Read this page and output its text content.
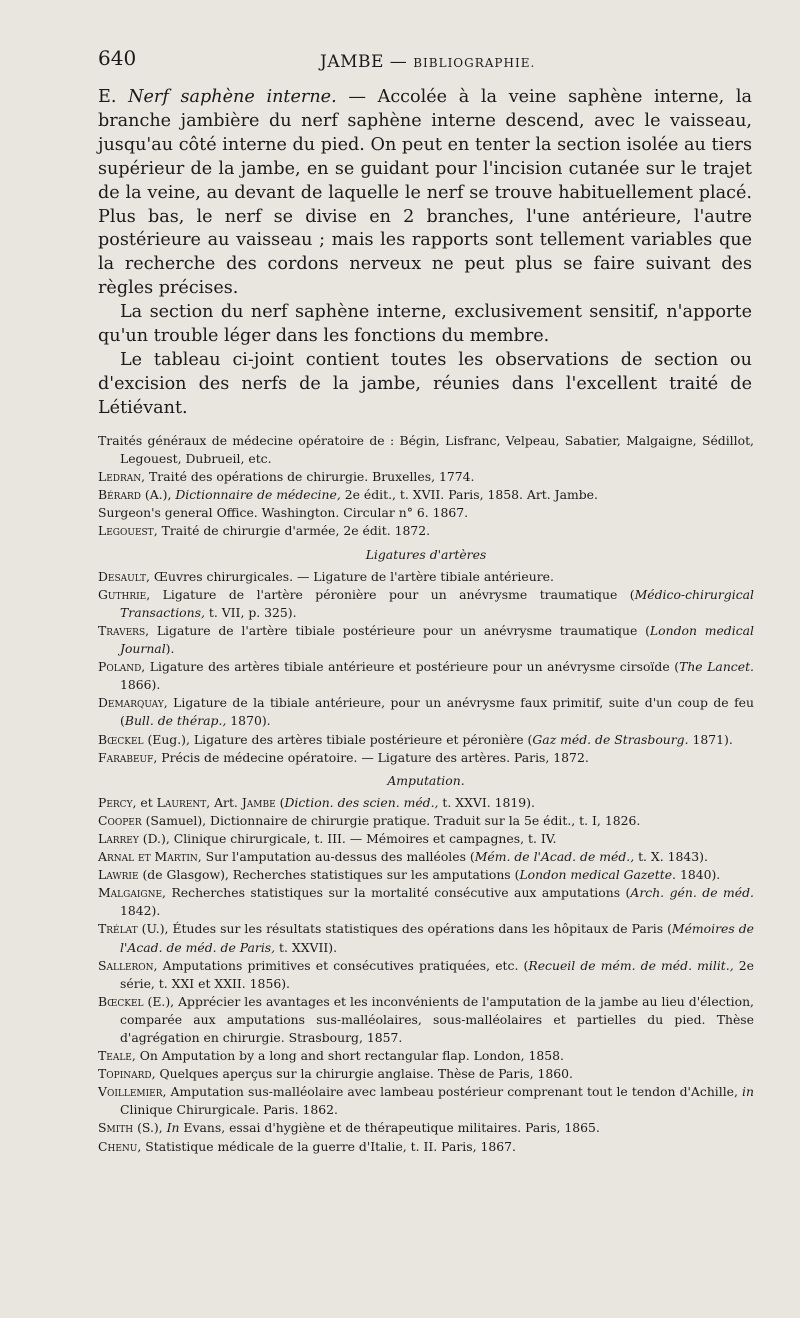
640	JAMBE — BIBLIOGRAPHIE.

E. Nerf saphène interne. — Accolée à la veine saphène interne, la branche jambière du nerf saphène interne descend, avec le vaisseau, jusqu'au côté interne du pied. On peut en tenter la section isolée au tiers supérieur de la jambe, en se guidant pour l'incision cutanée sur le trajet de la veine, au devant de laquelle le nerf se trouve habituellement placé. Plus bas, le nerf se divise en 2 branches, l'une antérieure, l'autre postérieure au vaisseau ; mais les rapports sont tellement variables que la recherche des cordons nerveux ne peut plus se faire suivant des règles précises.

La section du nerf saphène interne, exclusivement sensitif, n'apporte qu'un trouble léger dans les fonctions du membre.

Le tableau ci-joint contient toutes les observations de section ou d'excision des nerfs de la jambe, réunies dans l'excellent traité de Létiévant.

Traités généraux de médecine opératoire de : Bégin, Lisfranc, Velpeau, Sabatier, Malgaigne, Sédillot, Legouest, Dubrueil, etc.

Ledran, Traité des opérations de chirurgie. Bruxelles, 1774.

Bérard (A.), Dictionnaire de médecine, 2e édit., t. XVII. Paris, 1858. Art. Jambe.

Surgeon's general Office. Washington. Circular n° 6. 1867.

Legouest, Traité de chirurgie d'armée, 2e édit. 1872.

Ligatures d'artères

Desault, Œuvres chirurgicales. — Ligature de l'artère tibiale antérieure.

Guthrie, Ligature de l'artère péronière pour un anévrysme traumatique (Médico-chirurgical Transactions, t. VII, p. 325).

Travers, Ligature de l'artère tibiale postérieure pour un anévrysme traumatique (London medical Journal).

Poland, Ligature des artères tibiale antérieure et postérieure pour un anévrysme cirsoïde (The Lancet. 1866).

Demarquay, Ligature de la tibiale antérieure, pour un anévrysme faux primitif, suite d'un coup de feu (Bull. de thérap., 1870).

Bœckel (Eug.), Ligature des artères tibiale postérieure et péronière (Gaz méd. de Strasbourg. 1871).

Farabeuf, Précis de médecine opératoire. — Ligature des artères. Paris, 1872.

Amputation.

Percy, et Laurent, Art. Jambe (Diction. des scien. méd., t. XXVI. 1819).

Cooper (Samuel), Dictionnaire de chirurgie pratique. Traduit sur la 5e édit., t. I, 1826.

Larrey (D.), Clinique chirurgicale, t. III. — Mémoires et campagnes, t. IV.

Arnal et Martin, Sur l'amputation au-dessus des malléoles (Mém. de l'Acad. de méd., t. X. 1843).

Lawrie (de Glasgow), Recherches statistiques sur les amputations (London medical Gazette. 1840).

Malgaigne, Recherches statistiques sur la mortalité consécutive aux amputations (Arch. gén. de méd. 1842).

Trélat (U.), Études sur les résultats statistiques des opérations dans les hôpitaux de Paris (Mémoires de l'Acad. de méd. de Paris, t. XXVII).

Salleron, Amputations primitives et consécutives pratiquées, etc. (Recueil de mém. de méd. milit., 2e série, t. XXI et XXII. 1856).

Bœckel (E.), Apprécier les avantages et les inconvénients de l'amputation de la jambe au lieu d'élection, comparée aux amputations sus-malléolaires, sous-malléolaires et partielles du pied. Thèse d'agrégation en chirurgie. Strasbourg, 1857.

Teale, On Amputation by a long and short rectangular flap. London, 1858.

Topinard, Quelques aperçus sur la chirurgie anglaise. Thèse de Paris, 1860.

Voillemier, Amputation sus-malléolaire avec lambeau postérieur comprenant tout le tendon d'Achille, in Clinique Chirurgicale. Paris. 1862.

Smith (S.), In Evans, essai d'hygiène et de thérapeutique militaires. Paris, 1865.

Chenu, Statistique médicale de la guerre d'Italie, t. II. Paris, 1867.
